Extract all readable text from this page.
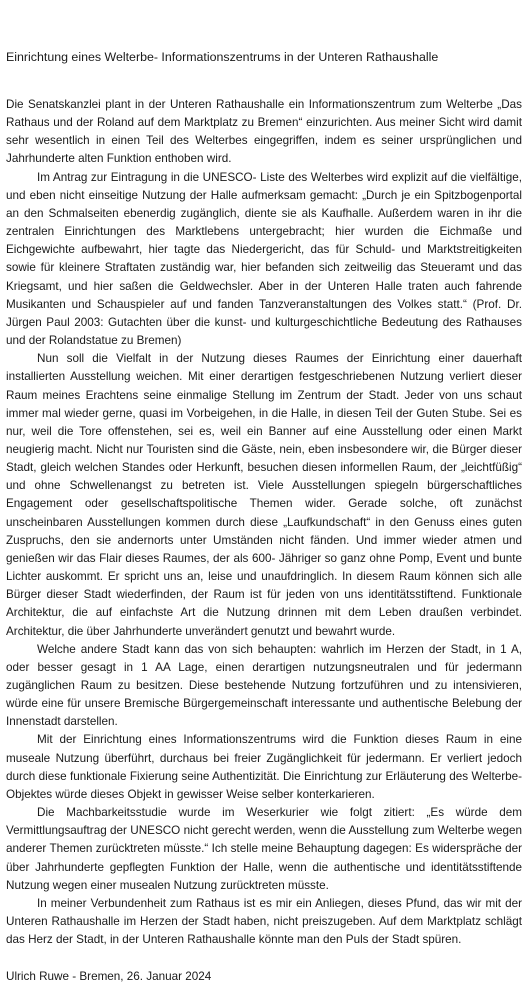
Einrichtung eines Welterbe- Informationszentrums in der Unteren Rathaushalle

Die Senatskanzlei plant in der Unteren Rathaushalle ein Informationszentrum zum Welterbe „Das Rathaus und der Roland auf dem Marktplatz zu Bremen“ einzurichten. Aus meiner Sicht wird damit sehr wesentlich in einen Teil des Welterbes eingegriffen, indem es seiner ursprünglichen und Jahrhunderte alten Funktion enthoben wird.

Im Antrag zur Eintragung in die UNESCO- Liste des Welterbes wird explizit auf die vielfältige, und eben nicht einseitige Nutzung der Halle aufmerksam gemacht: „Durch je ein Spitzbogenportal an den Schmalseiten ebenerdig zugänglich, diente sie als Kaufhalle. Außerdem waren in ihr die zentralen Einrichtungen des Marktlebens untergebracht; hier wurden die Eichmaße und Eichgewichte aufbewahrt, hier tagte das Niedergericht, das für Schuld- und Marktstreitigkeiten sowie für kleinere Straftaten zuständig war, hier befanden sich zeitweilig das Steueramt und das Kriegsamt, und hier saßen die Geldwechsler. Aber in der Unteren Halle traten auch fahrende Musikanten und Schauspieler auf und fanden Tanzveranstaltungen des Volkes statt.“ (Prof. Dr. Jürgen Paul 2003: Gutachten über die kunst- und kulturgeschichtliche Bedeutung des Rathauses und der Rolandstatue zu Bremen)

Nun soll die Vielfalt in der Nutzung dieses Raumes der Einrichtung einer dauerhaft installierten Ausstellung weichen. Mit einer derartigen festgeschriebenen Nutzung verliert dieser Raum meines Erachtens seine einmalige Stellung im Zentrum der Stadt. Jeder von uns schaut immer mal wieder gerne, quasi im Vorbeigehen, in die Halle, in diesen Teil der Guten Stube. Sei es nur, weil die Tore offenstehen, sei es, weil ein Banner auf eine Ausstellung oder einen Markt neugierig macht. Nicht nur Touristen sind die Gäste, nein, eben insbesondere wir, die Bürger dieser Stadt, gleich welchen Standes oder Herkunft, besuchen diesen informellen Raum, der „leichtfüßig“ und ohne Schwellenangst zu betreten ist. Viele Ausstellungen spiegeln bürgerschaftliches Engagement oder gesellschaftspolitische Themen wider. Gerade solche, oft zunächst unscheinbaren Ausstellungen kommen durch diese „Laufkundschaft“ in den Genuss eines guten Zuspruchs, den sie andernorts unter Umständen nicht fänden. Und immer wieder atmen und genießen wir das Flair dieses Raumes, der als 600- Jähriger so ganz ohne Pomp, Event und bunte Lichter auskommt. Er spricht uns an, leise und unaufdringlich. In diesem Raum können sich alle Bürger dieser Stadt wiederfinden, der Raum ist für jeden von uns identitätsstiftend. Funktionale Architektur, die auf einfachste Art die Nutzung drinnen mit dem Leben draußen verbindet. Architektur, die über Jahrhunderte unverändert genutzt und bewahrt wurde.

Welche andere Stadt kann das von sich behaupten: wahrlich im Herzen der Stadt, in 1 A, oder besser gesagt in 1 AA Lage, einen derartigen nutzungsneutralen und für jedermann zugänglichen Raum zu besitzen. Diese bestehende Nutzung fortzuführen und zu intensivieren, würde eine für unsere Bremische Bürgergemeinschaft interessante und authentische Belebung der Innenstadt darstellen.

Mit der Einrichtung eines Informationszentrums wird die Funktion dieses Raum in eine museale Nutzung überführt, durchaus bei freier Zugänglichkeit für jedermann. Er verliert jedoch durch diese funktionale Fixierung seine Authentizität. Die Einrichtung zur Erläuterung des Welterbe- Objektes würde dieses Objekt in gewisser Weise selber konterkarieren.

Die Machbarkeitsstudie wurde im Weserkurier wie folgt zitiert: „Es würde dem Vermittlungsauftrag der UNESCO nicht gerecht werden, wenn die Ausstellung zum Welterbe wegen anderer Themen zurücktreten müsste.“ Ich stelle meine Behauptung dagegen: Es widerspräche der über Jahrhunderte gepflegten Funktion der Halle, wenn die authentische und identitätsstiftende Nutzung wegen einer musealen Nutzung zurücktreten müsste.

In meiner Verbundenheit zum Rathaus ist es mir ein Anliegen, dieses Pfund, das wir mit der Unteren Rathaushalle im Herzen der Stadt haben, nicht preiszugeben. Auf dem Marktplatz schlägt das Herz der Stadt, in der Unteren Rathaushalle könnte man den Puls der Stadt spüren.

Ulrich Ruwe - Bremen, 26. Januar 2024
